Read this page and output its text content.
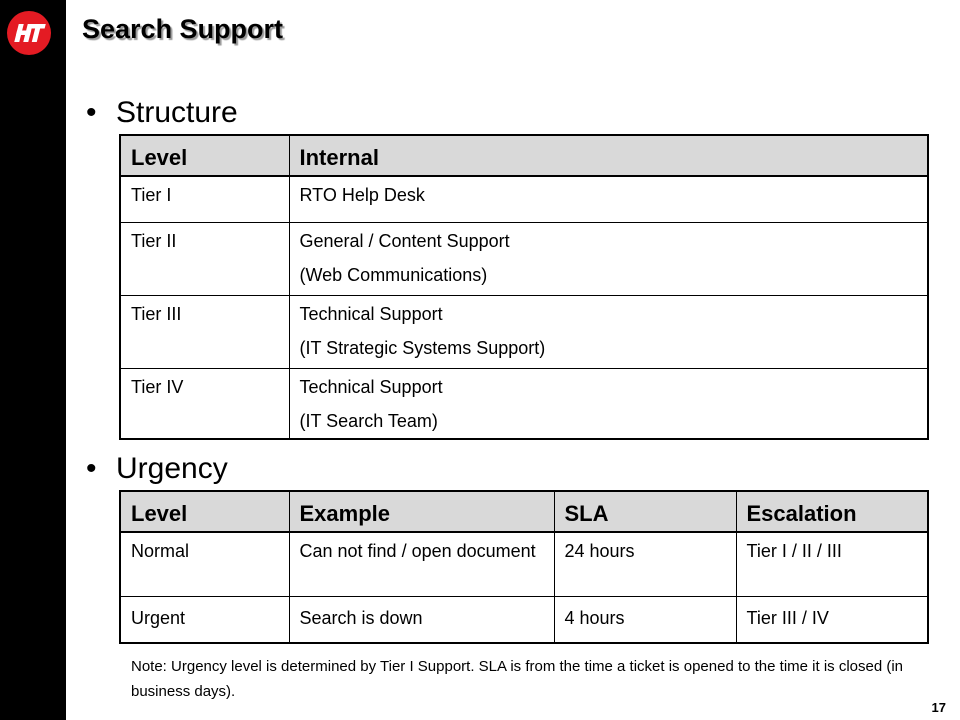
Search Support
• Structure
Level	Internal
Tier I	RTO Help Desk
Tier II	General / Content Support
(Web Communications)

Tier III	Technical Support
(IT Strategic Systems Support)

Tier IV	Technical Support
(IT Search Team)
• Urgency
Level	Example	SLA	Escalation
Normal	Can not find / open document	24 hours	Tier I / II / III
Urgent	Search is down	4 hours	Tier III / IV
Note: Urgency level is determined by Tier I Support. SLA is from the time a ticket is opened to the time it is closed (in business days).
17
